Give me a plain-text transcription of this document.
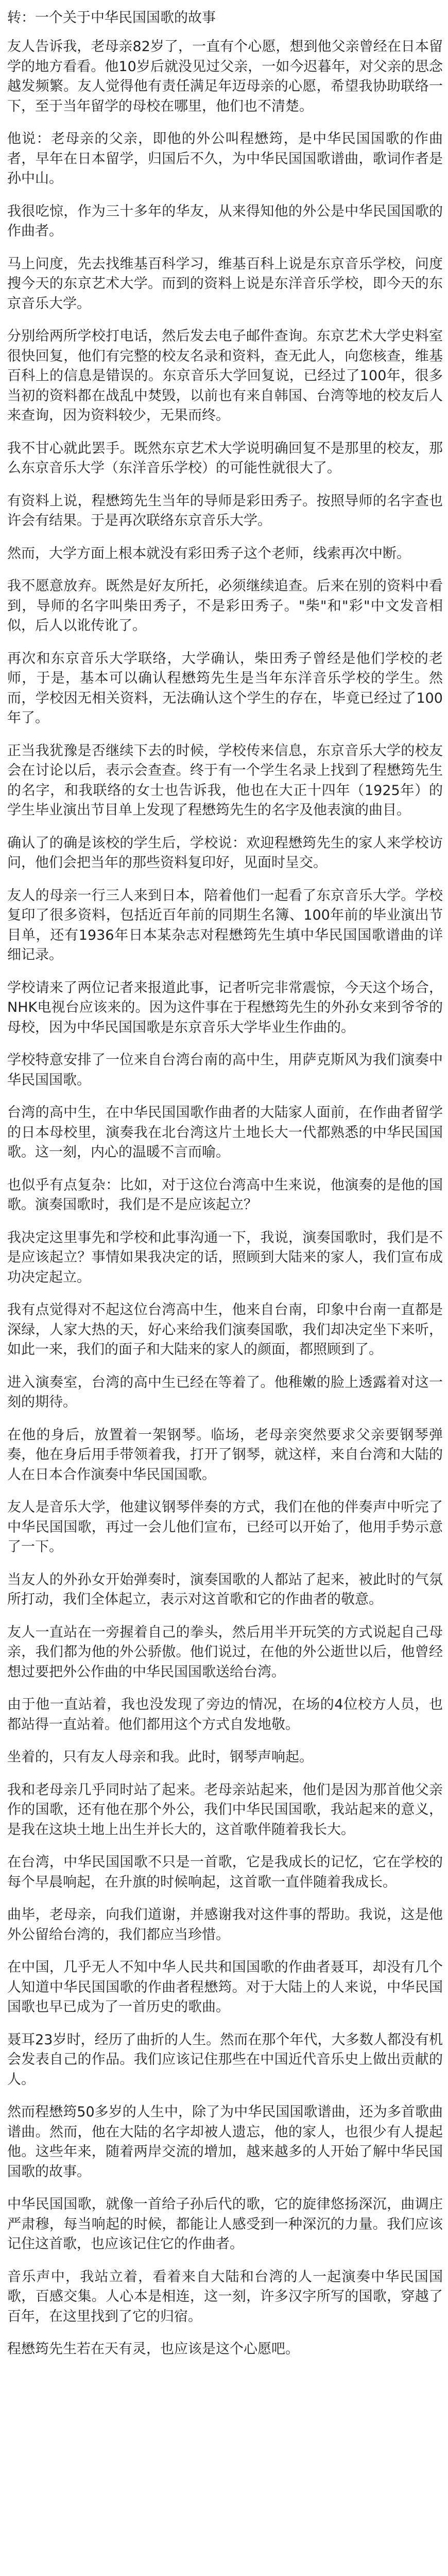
转：一个关于中华民国国歌的故事

友人告诉我，老母亲82岁了，一直有个心愿，想到他父亲曾经在日本留学的地方看看。他10岁后就没见过父亲，一如今迟暮年，对父亲的思念越发频繁。友人觉得他有责任满足年迈母亲的心愿，希望我协助联络一下，至于当年留学的母校在哪里，他们也不清楚。

他说：老母亲的父亲，即他的外公叫程懋筠，是中华民国国歌的作曲者，早年在日本留学，归国后不久，为中华民国国歌谱曲，歌词作者是孙中山。

我很吃惊，作为三十多年的华友，从来得知他的外公是中华民国国歌的作曲者。

马上问度，先去找维基百科学习，维基百科上说是东京音乐学校，问度搜今天的东京艺术大学。而到的资料上说是东洋音乐学校，即今天的东京音乐大学。

分别给两所学校打电话，然后发去电子邮件查询。东京艺术大学史料室很快回复，他们有完整的校友名录和资料，查无此人，向您核查，维基百科上的信息是错误的。东京音乐大学回复说，已经过了100年，很多当初的资料都在战乱中焚毁，以前也有来自韩国、台湾等地的校友后人来查询，因为资料较少，无果而终。

我不甘心就此罢手。既然东京艺术大学说明确回复不是那里的校友，那么东京音乐大学（东洋音乐学校）的可能性就很大了。

有资料上说，程懋筠先生当年的导师是彩田秀子。按照导师的名字查也许会有结果。于是再次联络东京音乐大学。

然而，大学方面上根本就没有彩田秀子这个老师，线索再次中断。

我不愿意放弃。既然是好友所托，必须继续追查。后来在别的资料中看到，导师的名字叫柴田秀子，不是彩田秀子。"柴"和"彩"中文发音相似，后人以讹传讹了。

再次和东京音乐大学联络，大学确认，柴田秀子曾经是他们学校的老师，于是，基本可以确认程懋筠先生是当年东洋音乐学校的学生。然而，学校因无相关资料，无法确认这个学生的存在，毕竟已经过了100年了。

正当我犹豫是否继续下去的时候，学校传来信息，东京音乐大学的校友会在讨论以后，表示会查查。终于有一个学生名录上找到了程懋筠先生的名字，和我联络的女士也告诉我，他也在大正十四年（1925年）的学生毕业演出节目单上发现了程懋筠先生的名字及他表演的曲目。

确认了的确是该校的学生后，学校说：欢迎程懋筠先生的家人来学校访问，他们会把当年的那些资料复印好，见面时呈交。

友人的母亲一行三人来到日本，陪着他们一起看了东京音乐大学。学校复印了很多资料，包括近百年前的同期生名簿、100年前的毕业演出节目单，还有1936年日本某杂志对程懋筠先生填中华民国国歌谱曲的详细记录。

学校请来了两位记者来报道此事，记者听完非常震惊，今天这个场合，NHK电视台应该来的。因为这件事在于程懋筠先生的外孙女来到爷爷的母校，因为中华民国国歌是东京音乐大学毕业生作曲的。

学校特意安排了一位来自台湾台南的高中生，用萨克斯风为我们演奏中华民国国歌。

台湾的高中生，在中华民国国歌作曲者的大陆家人面前，在作曲者留学的日本母校里，演奏我在北台湾这片土地长大一代都熟悉的中华民国国歌。这一刻，内心的温暖不言而喻。

也似乎有点复杂：比如，对于这位台湾高中生来说，他演奏的是他的国歌。演奏国歌时，我们是不是应该起立？

我决定这里事先和学校和此事沟通一下，我说，演奏国歌时，我们是不是应该起立？事情如果我决定的话，照顾到大陆来的家人，我们宣布成功决定起立。

我有点觉得对不起这位台湾高中生，他来自台南，印象中台南一直都是深绿，人家大热的天，好心来给我们演奏国歌，我们却决定坐下来听，如此一来，我们的面子和大陆来的家人的颜面，都照顾到了。

进入演奏室，台湾的高中生已经在等着了。他稚嫩的脸上透露着对这一刻的期待。

在他的身后，放置着一架钢琴。临场，老母亲突然要求父亲要钢琴弹奏，他在身后用手带领着我，打开了钢琴，就这样，来自台湾和大陆的人在日本合作演奏中华民国国歌。

友人是音乐大学，他建议钢琴伴奏的方式，我们在他的伴奏声中听完了中华民国国歌，再过一会儿他们宣布，已经可以开始了，他用手势示意了一下。

当友人的外孙女开始弹奏时，演奏国歌的人都站了起来，被此时的气氛所打动，我们全体起立，表示对这首歌和它的作曲者的敬意。

友人一直站在一旁握着自己的拳头，然后用半开玩笑的方式说起自己母亲，我们都为他的外公骄傲。他们说过，在他的外公逝世以后，他曾经想过要把外公作曲的中华民国国歌送给台湾。

由于他一直站着，我也没发现了旁边的情况，在场的4位校方人员，也都站得一直站着。他们都用这个方式自发地敬。

坐着的，只有友人母亲和我。此时，钢琴声响起。

我和老母亲几乎同时站了起来。老母亲站起来，他们是因为那首他父亲作的国歌，还有他在那个外公，我们中华民国国歌，我站起来的意义，是我在这块土地上出生并长大的，这首歌伴随着我长大。

在台湾，中华民国国歌不只是一首歌，它是我成长的记忆，它在学校的每个早晨响起，在升旗的时候响起，这首歌一直伴随着我成长。

曲毕，老母亲，向我们道谢，并感谢我对这件事的帮助。我说，这是他外公留给台湾的，我们都应当珍惜。

在中国，几乎无人不知中华人民共和国国歌的作曲者聂耳，却没有几个人知道中华民国国歌的作曲者程懋筠。对于大陆上的人来说，中华民国国歌也早已成为了一首历史的歌曲。

聂耳23岁时，经历了曲折的人生。然而在那个年代，大多数人都没有机会发表自己的作品。我们应该记住那些在中国近代音乐史上做出贡献的人。

然而程懋筠50多岁的人生中，除了为中华民国国歌谱曲，还为多首歌曲谱曲。然而，他在大陆的名字却被人遗忘，他的家人，也很少有人提起他。这些年来，随着两岸交流的增加，越来越多的人开始了解中华民国国歌的故事。

中华民国国歌，就像一首给子孙后代的歌，它的旋律悠扬深沉，曲调庄严肃穆，每当响起的时候，都能让人感受到一种深沉的力量。我们应该记住这首歌，也应该记住它的作曲者。

音乐声中，我站立着，看着来自大陆和台湾的人一起演奏中华民国国歌，百感交集。人心本是相连，这一刻，许多汉字所写的国歌，穿越了百年，在这里找到了它的归宿。

程懋筠先生若在天有灵，也应该是这个心愿吧。
